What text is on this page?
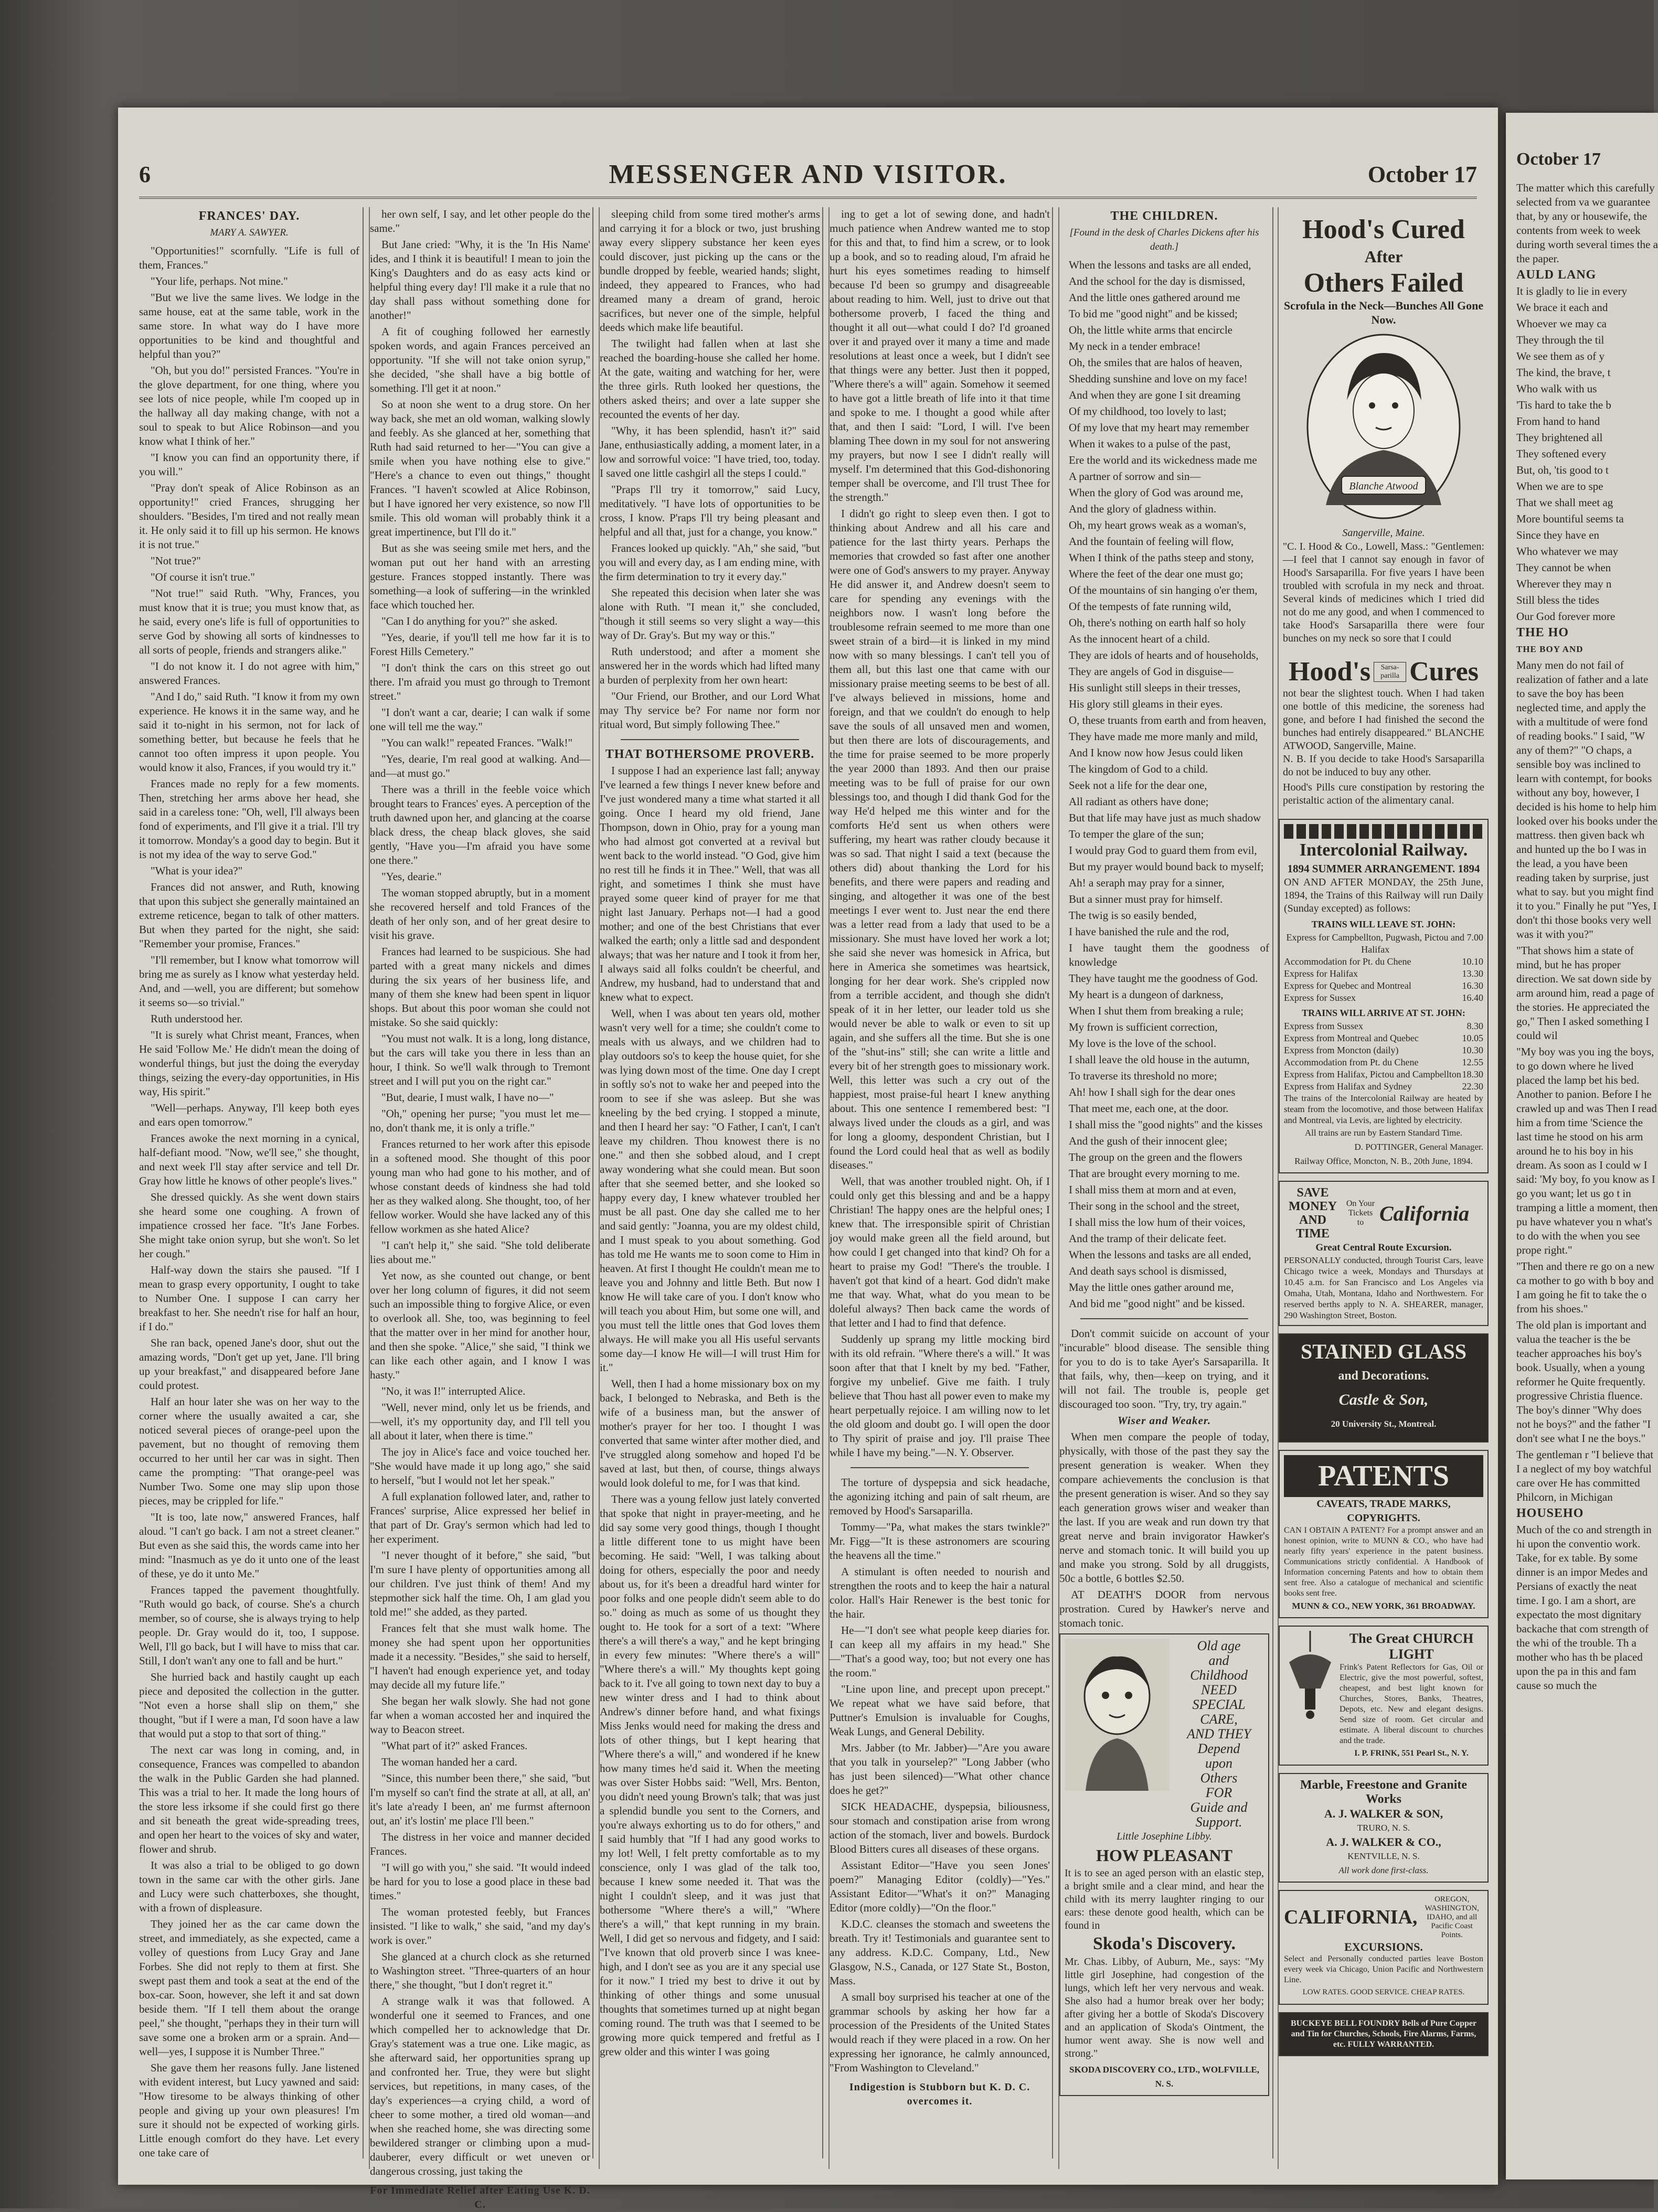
6	MESSENGER AND VISITOR.	October 17
FRANCES' DAY.
MARY A. SAWYER.

"Opportunities!" scornfully. "Life is full of them, Frances."

"Your life, perhaps. Not mine."

"But we live the same lives. We lodge in the same house, eat at the same table, work in the same store. In what way do I have more opportunities to be kind and thoughtful and helpful than you?"

"Oh, but you do!" persisted Frances. "You're in the glove department, for one thing, where you see lots of nice people, while I'm cooped up in the hallway all day making change, with not a soul to speak to but Alice Robinson—and you know what I think of her."

"I know you can find an opportunity there, if you will."

"Pray don't speak of Alice Robinson as an opportunity!" cried Frances, shrugging her shoulders. "Besides, I'm tired and not really mean it. He only said it to fill up his sermon. He knows it is not true."

"Not true?"

"Of course it isn't true."

"Not true!" said Ruth. "Why, Frances, you must know that it is true; you must know that, as he said, every one's life is full of opportunities to serve God by showing all sorts of kindnesses to all sorts of people, friends and strangers alike."

"I do not know it. I do not agree with him," answered Frances.

"And I do," said Ruth. "I know it from my own experience. He knows it in the same way, and he said it to-night in his sermon, not for lack of something better, but because he feels that he cannot too often impress it upon people. You would know it also, Frances, if you would try it."

Frances made no reply for a few moments. Then, stretching her arms above her head, she said in a careless tone: "Oh, well, I'll always been fond of experiments, and I'll give it a trial. I'll try it tomorrow. Monday's a good day to begin. But it is not my idea of the way to serve God."

"What is your idea?"

Frances did not answer, and Ruth, knowing that upon this subject she generally maintained an extreme reticence, began to talk of other matters. But when they parted for the night, she said: "Remember your promise, Frances."

"I'll remember, but I know what tomorrow will bring me as surely as I know what yesterday held. And, and —well, you are different; but somehow it seems so—so trivial."

Ruth understood her.

"It is surely what Christ meant, Frances, when He said 'Follow Me.' He didn't mean the doing of wonderful things, but just the doing the everyday things, seizing the every-day opportunities, in His way, His spirit."

"Well—perhaps. Anyway, I'll keep both eyes and ears open tomorrow."

Frances awoke the next morning in a cynical, half-defiant mood. "Now, we'll see," she thought, and next week I'll stay after service and tell Dr. Gray how little he knows of other people's lives."

She dressed quickly. As she went down stairs she heard some one coughing. A frown of impatience crossed her face. "It's Jane Forbes. She might take onion syrup, but she won't. So let her cough."

Half-way down the stairs she paused. "If I mean to grasp every opportunity, I ought to take to Number One. I suppose I can carry her breakfast to her. She needn't rise for half an hour, if I do."

She ran back, opened Jane's door, shut out the amazing words, "Don't get up yet, Jane. I'll bring up your breakfast," and disappeared before Jane could protest.

Half an hour later she was on her way to the corner where the usually awaited a car, she noticed several pieces of orange-peel upon the pavement, but no thought of removing them occurred to her until her car was in sight. Then came the prompting: "That orange-peel was Number Two. Some one may slip upon those pieces, may be crippled for life."

"It is too, late now," answered Frances, half aloud. "I can't go back. I am not a street cleaner." But even as she said this, the words came into her mind: "Inasmuch as ye do it unto one of the least of these, ye do it unto Me."

Frances tapped the pavement thoughtfully. "Ruth would go back, of course. She's a church member, so of course, she is always trying to help people. Dr. Gray would do it, too, I suppose. Well, I'll go back, but I will have to miss that car. Still, I don't wan't any one to fall and be hurt."

She hurried back and hastily caught up each piece and deposited the collection in the gutter. "Not even a horse shall slip on them," she thought, "but if I were a man, I'd soon have a law that would put a stop to that sort of thing."

The next car was long in coming, and, in consequence, Frances was compelled to abandon the walk in the Public Garden she had planned. This was a trial to her. It made the long hours of the store less irksome if she could first go there and sit beneath the great wide-spreading trees, and open her heart to the voices of sky and water, flower and shrub.

It was also a trial to be obliged to go down town in the same car with the other girls. Jane and Lucy were such chatterboxes, she thought, with a frown of displeasure.

They joined her as the car came down the street, and immediately, as she expected, came a volley of questions from Lucy Gray and Jane Forbes. She did not reply to them at first. She swept past them and took a seat at the end of the box-car. Soon, however, she left it and sat down beside them. "If I tell them about the orange peel," she thought, "perhaps they in their turn will save some one a broken arm or a sprain. And—well—yes, I suppose it is Number Three."

She gave them her reasons fully. Jane listened with evident interest, but Lucy yawned and said: "How tiresome to be always thinking of other people and giving up your own pleasures! I'm sure it should not be expected of working girls. Little enough comfort do they have. Let every one take care of

her own self, I say, and let other people do the same."

But Jane cried: "Why, it is the 'In His Name' ides, and I think it is beautiful! I mean to join the King's Daughters and do as easy acts kind or helpful thing every day! I'll make it a rule that no day shall pass without something done for another!"

A fit of coughing followed her earnestly spoken words, and again Frances perceived an opportunity. "If she will not take onion syrup," she decided, "she shall have a big bottle of something. I'll get it at noon."

So at noon she went to a drug store. On her way back, she met an old woman, walking slowly and feebly. As she glanced at her, something that Ruth had said returned to her—"You can give a smile when you have nothing else to give." "Here's a chance to even out things," thought Frances. "I haven't scowled at Alice Robinson, but I have ignored her very existence, so now I'll smile. This old woman will probably think it a great impertinence, but I'll do it."

But as she was seeing smile met hers, and the woman put out her hand with an arresting gesture. Frances stopped instantly. There was something—a look of suffering—in the wrinkled face which touched her.

"Can I do anything for you?" she asked.

"Yes, dearie, if you'll tell me how far it is to Forest Hills Cemetery."

"I don't think the cars on this street go out there. I'm afraid you must go through to Tremont street."

"I don't want a car, dearie; I can walk if some one will tell me the way."

"You can walk!" repeated Frances. "Walk!"

"Yes, dearie, I'm real good at walking. And—and—at must go."

There was a thrill in the feeble voice which brought tears to Frances' eyes. A perception of the truth dawned upon her, and glancing at the coarse black dress, the cheap black gloves, she said gently, "Have you—I'm afraid you have some one there."

"Yes, dearie."

The woman stopped abruptly, but in a moment she recovered herself and told Frances of the death of her only son, and of her great desire to visit his grave.

Frances had learned to be suspicious. She had parted with a great many nickels and dimes during the six years of her business life, and many of them she knew had been spent in liquor shops. But about this poor woman she could not mistake. So she said quickly:

"You must not walk. It is a long, long distance, but the cars will take you there in less than an hour, I think. So we'll walk through to Tremont street and I will put you on the right car."

"But, dearie, I must walk, I have no—"

"Oh," opening her purse; "you must let me—no, don't thank me, it is only a trifle."

Frances returned to her work after this episode in a softened mood. She thought of this poor young man who had gone to his mother, and of whose constant deeds of kindness she had told her as they walked along. She thought, too, of her fellow worker. Would she have lacked any of this fellow workmen as she hated Alice?

"I can't help it," she said. "She told deliberate lies about me."

Yet now, as she counted out change, or bent over her long column of figures, it did not seem such an impossible thing to forgive Alice, or even to overlook all. She, too, was beginning to feel that the matter over in her mind for another hour, and then she spoke. "Alice," she said, "I think we can like each other again, and I know I was hasty."

"No, it was I!" interrupted Alice.

"Well, never mind, only let us be friends, and—well, it's my opportunity day, and I'll tell you all about it later, when there is time."

The joy in Alice's face and voice touched her. "She would have made it up long ago," she said to herself, "but I would not let her speak."

A full explanation followed later, and, rather to Frances' surprise, Alice expressed her belief in that part of Dr. Gray's sermon which had led to her experiment.

"I never thought of it before," she said, "but I'm sure I have plenty of opportunities among all our children. I've just think of them! And my stepmother sick half the time. Oh, I am glad you told me!" she added, as they parted.

Frances felt that she must walk home. The money she had spent upon her opportunities made it a necessity. "Besides," she said to herself, "I haven't had enough experience yet, and today may decide all my future life."

She began her walk slowly. She had not gone far when a woman accosted her and inquired the way to Beacon street.

"What part of it?" asked Frances.

The woman handed her a card.

"Since, this number been there," she said, "but I'm myself so can't find the strate at all, at all, an' it's late a'ready I been, an' me furmst afternoon out, an' it's lostin' me place I'll been."

The distress in her voice and manner decided Frances.

"I will go with you," she said. "It would indeed be hard for you to lose a good place in these bad times."

The woman protested feebly, but Frances insisted. "I like to walk," she said, "and my day's work is over."

She glanced at a church clock as she returned to Washington street. "Three-quarters of an hour there," she thought, "but I don't regret it."

A strange walk it was that followed. A wonderful one it seemed to Frances, and one which compelled her to acknowledge that Dr. Gray's statement was a true one. Like magic, as she afterward said, her opportunities sprang up and confronted her. True, they were but slight services, but repetitions, in many cases, of the day's experiences—a crying child, a word of cheer to some mother, a tired old woman—and when she reached home, she was directing some bewildered stranger or climbing upon a mud-dauberer, every difficult or wet uneven or dangerous crossing, just taking the

For Immediate Relief after Eating Use K. D. C.

sleeping child from some tired mother's arms and carrying it for a block or two, just brushing away every slippery substance her keen eyes could discover, just picking up the cans or the bundle dropped by feeble, wearied hands; slight, indeed, they appeared to Frances, who had dreamed many a dream of grand, heroic sacrifices, but never one of the simple, helpful deeds which make life beautiful.

The twilight had fallen when at last she reached the boarding-house she called her home. At the gate, waiting and watching for her, were the three girls. Ruth looked her questions, the others asked theirs; and over a late supper she recounted the events of her day.

"Why, it has been splendid, hasn't it?" said Jane, enthusiastically adding, a moment later, in a low and sorrowful voice: "I have tried, too, today. I saved one little cashgirl all the steps I could."

"Praps I'll try it tomorrow," said Lucy, meditatively. "I have lots of opportunities to be cross, I know. P'raps I'll try being pleasant and helpful and all that, just for a change, you know."

Frances looked up quickly. "Ah," she said, "but you will and every day, as I am ending mine, with the firm determination to try it every day."

She repeated this decision when later she was alone with Ruth. "I mean it," she concluded, "though it still seems so very slight a way—this way of Dr. Gray's. But my way or this."

Ruth understood; and after a moment she answered her in the words which had lifted many a burden of perplexity from her own heart:

"Our Friend, our Brother, and our Lord What may Thy service be? For name nor form nor ritual word, But simply following Thee."

THAT BOTHERSOME PROVERB.

I suppose I had an experience last fall; anyway I've learned a few things I never knew before and I've just wondered many a time what started it all going. Once I heard my old friend, Jane Thompson, down in Ohio, pray for a young man who had almost got converted at a revival but went back to the world instead. "O God, give him no rest till he finds it in Thee." Well, that was all right, and sometimes I think she must have prayed some queer kind of prayer for me that night last January. Perhaps not—I had a good mother; and one of the best Christians that ever walked the earth; only a little sad and despondent always; that was her nature and I took it from her, I always said all folks couldn't be cheerful, and Andrew, my husband, had to understand that and knew what to expect.

Well, when I was about ten years old, mother wasn't very well for a time; she couldn't come to meals with us always, and we children had to play outdoors so's to keep the house quiet, for she was lying down most of the time. One day I crept in softly so's not to wake her and peeped into the room to see if she was asleep. But she was kneeling by the bed crying. I stopped a minute, and then I heard her say: "O Father, I can't, I can't leave my children. Thou knowest there is no one." and then she sobbed aloud, and I crept away wondering what she could mean. But soon after that she seemed better, and she looked so happy every day, I knew whatever troubled her must be all past. One day she called me to her and said gently: "Joanna, you are my oldest child, and I must speak to you about something. God has told me He wants me to soon come to Him in heaven. At first I thought He couldn't mean me to leave you and Johnny and little Beth. But now I know He will take care of you. I don't know who will teach you about Him, but some one will, and you must tell the little ones that God loves them always. He will make you all His useful servants some day—I know He will—I will trust Him for it."

Well, then I had a home missionary box on my back, I belonged to Nebraska, and Beth is the wife of a business man, but the answer of mother's prayer for her too. I thought I was converted that same winter after mother died, and I've struggled along somehow and hoped I'd be saved at last, but then, of course, things always would look doleful to me, for I was that kind.

There was a young fellow just lately converted that spoke that night in prayer-meeting, and he did say some very good things, though I thought a little different tone to us might have been becoming. He said: "Well, I was talking about doing for others, especially the poor and needy about us, for it's been a dreadful hard winter for poor folks and one people didn't seem able to do so." doing as much as some of us thought they ought to. He took for a sort of a text: "Where there's a will there's a way," and he kept bringing in every few minutes: "Where there's a will" "Where there's a will." My thoughts kept going back to it. I've all going to town next day to buy a new winter dress and I had to think about Andrew's dinner before hand, and what fixings Miss Jenks would need for making the dress and lots of other things, but I kept hearing that "Where there's a will," and wondered if he knew how many times he'd said it. When the meeting was over Sister Hobbs said: "Well, Mrs. Benton, you didn't need young Brown's talk; that was just a splendid bundle you sent to the Corners, and you're always exhorting us to do for others," and I said humbly that "If I had any good works to my lot! Well, I felt pretty comfortable as to my conscience, only I was glad of the talk too, because I knew some needed it. That was the night I couldn't sleep, and it was just that bothersome "Where there's a will," "Where there's a will," that kept running in my brain. Well, I did get so nervous and fidgety, and I said: "I've known that old proverb since I was knee-high, and I don't see as you are it any special use for it now." I tried my best to drive it out by thinking of other things and some unusual thoughts that sometimes turned up at night began coming round. The truth was that I seemed to be growing more quick tempered and fretful as I grew older and this winter I was going

ing to get a lot of sewing done, and hadn't much patience when Andrew wanted me to stop for this and that, to find him a screw, or to look up a book, and so to reading aloud, I'm afraid he hurt his eyes sometimes reading to himself because I'd been so grumpy and disagreeable about reading to him. Well, just to drive out that bothersome proverb, I faced the thing and thought it all out—what could I do? I'd groaned over it and prayed over it many a time and made resolutions at least once a week, but I didn't see that things were any better. Just then it popped, "Where there's a will" again. Somehow it seemed to have got a little breath of life into it that time and spoke to me. I thought a good while after that, and then I said: "Lord, I will. I've been blaming Thee down in my soul for not answering my prayers, but now I see I didn't really will myself. I'm determined that this God-dishonoring temper shall be overcome, and I'll trust Thee for the strength."

I didn't go right to sleep even then. I got to thinking about Andrew and all his care and patience for the last thirty years. Perhaps the memories that crowded so fast after one another were one of God's answers to my prayer. Anyway He did answer it, and Andrew doesn't seem to care for spending any evenings with the neighbors now. I wasn't long before the troublesome refrain seemed to me more than one sweet strain of a bird—it is linked in my mind now with so many blessings. I can't tell you of them all, but this last one that came with our missionary praise meeting seems to be best of all. I've always believed in missions, home and foreign, and that we couldn't do enough to help save the souls of all unsaved men and women, but then there are lots of discouragements, and the time for praise seemed to be more properly the year 2000 than 1893. And then our praise meeting was to be full of praise for our own blessings too, and though I did thank God for the way He'd helped me this winter and for the comforts He'd sent us when others were suffering, my heart was rather cloudy because it was so sad. That night I said a text (because the others did) about thanking the Lord for his benefits, and there were papers and reading and singing, and altogether it was one of the best meetings I ever went to. Just near the end there was a letter read from a lady that used to be a missionary. She must have loved her work a lot; she said she never was homesick in Africa, but here in America she sometimes was heartsick, longing for her dear work. She's crippled now from a terrible accident, and though she didn't speak of it in her letter, our leader told us she would never be able to walk or even to sit up again, and she suffers all the time. But she is one of the "shut-ins" still; she can write a little and every bit of her strength goes to missionary work. Well, this letter was such a cry out of the happiest, most praise-ful heart I knew anything about. This one sentence I remembered best: "I always lived under the clouds as a girl, and was for long a gloomy, despondent Christian, but I found the Lord could heal that as well as bodily diseases."

Well, that was another troubled night. Oh, if I could only get this blessing and and be a happy Christian! The happy ones are the helpful ones; I knew that. The irresponsible spirit of Christian joy would make green all the field around, but how could I get changed into that kind? Oh for a heart to praise my God! "There's the trouble. I haven't got that kind of a heart. God didn't make me that way. What, what do you mean to be doleful always? Then back came the words of that letter and I had to find that defence.

Suddenly up sprang my little mocking bird with its old refrain. "Where there's a will." It was soon after that that I knelt by my bed. "Father, forgive my unbelief. Give me faith. I truly believe that Thou hast all power even to make my heart perpetually rejoice. I am willing now to let the old gloom and doubt go. I will open the door to Thy spirit of praise and joy. I'll praise Thee while I have my being."—N. Y. Observer.

The torture of dyspepsia and sick headache, the agonizing itching and pain of salt rheum, are removed by Hood's Sarsaparilla.

Tommy—"Pa, what makes the stars twinkle?" Mr. Figg—"It is these astronomers are scouring the heavens all the time."

A stimulant is often needed to nourish and strengthen the roots and to keep the hair a natural color. Hall's Hair Renewer is the best tonic for the hair.

He—"I don't see what people keep diaries for. I can keep all my affairs in my head." She—"That's a good way, too; but not every one has the room."

"Line upon line, and precept upon precept." We repeat what we have said before, that Puttner's Emulsion is invaluable for Coughs, Weak Lungs, and General Debility.

Mrs. Jabber (to Mr. Jabber)—"Are you aware that you talk in yourselep?" "Long Jabber (who has just been silenced)—"What other chance does he get?"

SICK HEADACHE, dyspepsia, biliousness, sour stomach and constipation arise from wrong action of the stomach, liver and bowels. Burdock Blood Bitters cures all diseases of these organs.

Assistant Editor—"Have you seen Jones' poem?" Managing Editor (coldly)—"Yes." Assistant Editor—"What's it on?" Managing Editor (more coldly)—"On the floor."

K.D.C. cleanses the stomach and sweetens the breath. Try it! Testimonials and guarantee sent to any address. K.D.C. Company, Ltd., New Glasgow, N.S., Canada, or 127 State St., Boston, Mass.

A small boy surprised his teacher at one of the grammar schools by asking her how far a procession of the Presidents of the United States would reach if they were placed in a row. On her expressing her ignorance, he calmly announced, "From Washington to Cleveland."

Indigestion is Stubborn but K. D. C. overcomes it.
THE CHILDREN.
[Found in the desk of Charles Dickens after his death.]

When the lessons and tasks are all ended,

And the school for the day is dismissed,

And the little ones gathered around me

To bid me "good night" and be kissed;

Oh, the little white arms that encircle

My neck in a tender embrace!

Oh, the smiles that are halos of heaven,

Shedding sunshine and love on my face!

And when they are gone I sit dreaming

Of my childhood, too lovely to last;

Of my love that my heart may remember

When it wakes to a pulse of the past,

Ere the world and its wickedness made me

A partner of sorrow and sin—

When the glory of God was around me,

And the glory of gladness within.

Oh, my heart grows weak as a woman's,

And the fountain of feeling will flow,

When I think of the paths steep and stony,

Where the feet of the dear one must go;

Of the mountains of sin hanging o'er them,

Of the tempests of fate running wild,

Oh, there's nothing on earth half so holy

As the innocent heart of a child.

They are idols of hearts and of households,

They are angels of God in disguise—

His sunlight still sleeps in their tresses,

His glory still gleams in their eyes.

O, these truants from earth and from heaven,

They have made me more manly and mild,

And I know now how Jesus could liken

The kingdom of God to a child.

Seek not a life for the dear one,

All radiant as others have done;

But that life may have just as much shadow

To temper the glare of the sun;

I would pray God to guard them from evil,

But my prayer would bound back to myself;

Ah! a seraph may pray for a sinner,

But a sinner must pray for himself.

The twig is so easily bended,

I have banished the rule and the rod,

I have taught them the goodness of knowledge

They have taught me the goodness of God.

My heart is a dungeon of darkness,

When I shut them from breaking a rule;

My frown is sufficient correction,

My love is the love of the school.

I shall leave the old house in the autumn,

To traverse its threshold no more;

Ah! how I shall sigh for the dear ones

That meet me, each one, at the door.

I shall miss the "good nights" and the kisses

And the gush of their innocent glee;

The group on the green and the flowers

That are brought every morning to me.

I shall miss them at morn and at even,

Their song in the school and the street,

I shall miss the low hum of their voices,

And the tramp of their delicate feet.

When the lessons and tasks are all ended,

And death says school is dismissed,

May the little ones gather around me,

And bid me "good night" and be kissed.

Don't commit suicide on account of your "incurable" blood disease. The sensible thing for you to do is to take Ayer's Sarsaparilla. It that fails, why, then—keep on trying, and it will not fail. The trouble is, people get discouraged too soon. "Try, try, try again."

Wiser and Weaker.

When men compare the people of today, physically, with those of the past they say the present generation is weaker. When they compare achievements the conclusion is that the present generation is wiser. And so they say each generation grows wiser and weaker than the last. If you are weak and run down try that great nerve and brain invigorator Hawker's nerve and stomach tonic. It will build you up and make you strong. Sold by all druggists, 50c a bottle, 6 bottles $2.50.

AT DEATH'S DOOR from nervous prostration. Cured by Hawker's nerve and stomach tonic.

Old age
and
Childhood
NEED
SPECIAL CARE,
AND THEY
Depend
upon
Others
FOR
Guide and
Support.
Little Josephine Libby.
HOW PLEASANT
It is to see an aged person with an elastic step, a bright smile and a clear mind, and hear the child with its merry laughter ringing to our ears: these denote good health, which can be found in
Skoda's Discovery.
Mr. Chas. Libby, of Auburn, Me., says: "My little girl Josephine, had congestion of the lungs, which left her very nervous and weak. She also had a humor break over her body; after giving her a bottle of Skoda's Discovery and an application of Skoda's Ointment, the humor went away. She is now well and strong."
SKODA DISCOVERY CO., LTD., WOLFVILLE, N. S.
Hood's Cured
After
Others Failed
Scrofula in the Neck—Bunches All Gone Now.
Blanche Atwood
Sangerville, Maine.
"C. I. Hood & Co., Lowell, Mass.: "Gentlemen:—I feel that I cannot say enough in favor of Hood's Sarsaparilla. For five years I have been troubled with scrofula in my neck and throat. Several kinds of medicines which I tried did not do me any good, and when I commenced to take Hood's Sarsaparilla there were four bunches on my neck so sore that I could
Hood's	Sarsa-parilla Cures
not bear the slightest touch. When I had taken one bottle of this medicine, the soreness had gone, and before I had finished the second the bunches had entirely disappeared." BLANCHE ATWOOD, Sangerville, Maine.
N. B. If you decide to take Hood's Sarsaparilla do not be induced to buy any other.
Hood's Pills cure constipation by restoring the peristaltic action of the alimentary canal.
Intercolonial Railway.
1894 SUMMER ARRANGEMENT. 1894
ON AND AFTER MONDAY, the 25th June, 1894, the Trains of this Railway will run Daily (Sunday excepted) as follows:
TRAINS WILL LEAVE ST. JOHN:
Express for Campbellton, Pugwash, Pictou and Halifax
7.00
Accommodation for Pt. du Chene	10.10
Express for Halifax	13.30
Express for Quebec and Montreal	16.30
Express for Sussex	16.40
TRAINS WILL ARRIVE AT ST. JOHN:
Express from Sussex	8.30
Express from Montreal and Quebec	10.05
Express from Moncton (daily)	10.30
Accommodation from Pt. du Chene	12.55
Express from Halifax, Pictou and Campbellton 18.30
Express from Halifax and Sydney	22.30
The trains of the Intercolonial Railway are heated by steam from the locomotive, and those between Halifax and Montreal, via Levis, are lighted by electricity.
All trains are run by Eastern Standard Time.
D. POTTINGER, General Manager.
Railway Office, Moncton, N. B., 20th June, 1894.
SAVE MONEY AND TIME
On Your Tickets to California
Great Central Route Excursion.
PERSONALLY conducted, through Tourist Cars, leave Chicago twice a week, Mondays and Thursdays at 10.45 a.m. for San Francisco and Los Angeles via Omaha, Utah, Montana, Idaho and Northwestern. For reserved berths apply to N. A. SHEARER, manager, 290 Washington Street, Boston.
STAINED GLASS
and Decorations.
Castle & Son,
20 University St., Montreal.
PATENTS
CAVEATS, TRADE MARKS, COPYRIGHTS.
CAN I OBTAIN A PATENT? For a prompt answer and an honest opinion, write to MUNN & CO., who have had nearly fifty years' experience in the patent business. Communications strictly confidential. A Handbook of Information concerning Patents and how to obtain them sent free. Also a catalogue of mechanical and scientific books sent free.
MUNN & CO., NEW YORK, 361 BROADWAY.
The Great CHURCH LIGHT
Frink's Patent Reflectors for Gas, Oil or Electric, give the most powerful, softest, cheapest, and best light known for Churches, Stores, Banks, Theatres, Depots, etc. New and elegant designs. Send size of room. Get circular and estimate. A liberal discount to churches and the trade.
I. P. FRINK, 551 Pearl St., N. Y.
Marble, Freestone and Granite Works
A. J. WALKER & SON,
TRURO, N. S.
A. J. WALKER & CO.,
KENTVILLE, N. S.
All work done first-class.
CALIFORNIA,
OREGON, WASHINGTON, IDAHO, and all Pacific Coast Points.
EXCURSIONS.
Select and Personally conducted parties leave Boston every week via Chicago, Union Pacific and Northwestern Line.
LOW RATES. GOOD SERVICE. CHEAP RATES.
BUCKEYE BELL FOUNDRY Bells of Pure Copper and Tin for Churches, Schools, Fire Alarms, Farms, etc. FULLY WARRANTED.
October 17

The matter which this carefully selected from va we guarantee that, by any or housewife, the contents from week to week during worth several times the a the paper.

AULD LANG

It is gladly to lie in every

We brace it each and

Whoever we may ca

They through the til

We see them as of y

The kind, the brave, t

Who walk with us

'Tis hard to take the b

From hand to hand

They brightened all

They softened every

But, oh, 'tis good to t

When we are to spe

That we shall meet ag

More bountiful seems ta

Since they have en

Who whatever we may

They cannot be when

Wherever they may n

Still bless the tides

Our God forever more

THE HO
THE BOY AND

Many men do not fail of realization of father and a late to save the boy has been neglected time, and apply the with a multitude of were fond of reading books." I said, "W any of them?" "O chaps, a sensible boy was inclined to learn with contempt, for books without any boy, however, I decided is his home to help him looked over his books under the mattress. then given back wh and hunted up the bo I was in the lead, a you have been reading taken by surprise, just what to say. but you might find it to you." Finally he put "Yes, I don't thi those books very well was it with you?"

"That shows him a state of mind, but he has proper direction. We sat down side by arm around him, read a page of the stories. He appreciated the go," Then I asked something I could wil

"My boy was you ing the boys, to go down where he lived placed the lamp bet his bed. Another to panion. Before I he crawled up and was Then I read him a from time 'Science the last time he stood on his arm around he to his boy in his dream. As soon as I could w I said: 'My boy, fo you know as I go you want; let us go t in tramping a little a moment, then pu have whatever you n what's to do with the when you see prope right."

"Then and there re go on a new ca mother to go with b boy and I am going he fit to take the o from his shoes."

The old plan is important and valua the teacher is the be teacher approaches his boy's book. Usually, when a young reformer he Quite frequently. progressive Christia fluence. The boy's dinner "Why does not he boys?" and the father "I don't see what I ne the boys."

The gentleman r "I believe that I a neglect of my boy watchful care over He has committed Philcorn, in Michigan

HOUSEHO

Much of the co and strength in hi upon the conventio work. Take, for ex table. By some dinner is an impor Medes and Persians of exactly the neat time. I go. I am a short, are expectato the most dignitary backache that com strength of the whi of the trouble. Th a mother who has th be placed upon the pa in this and fam cause so much the
